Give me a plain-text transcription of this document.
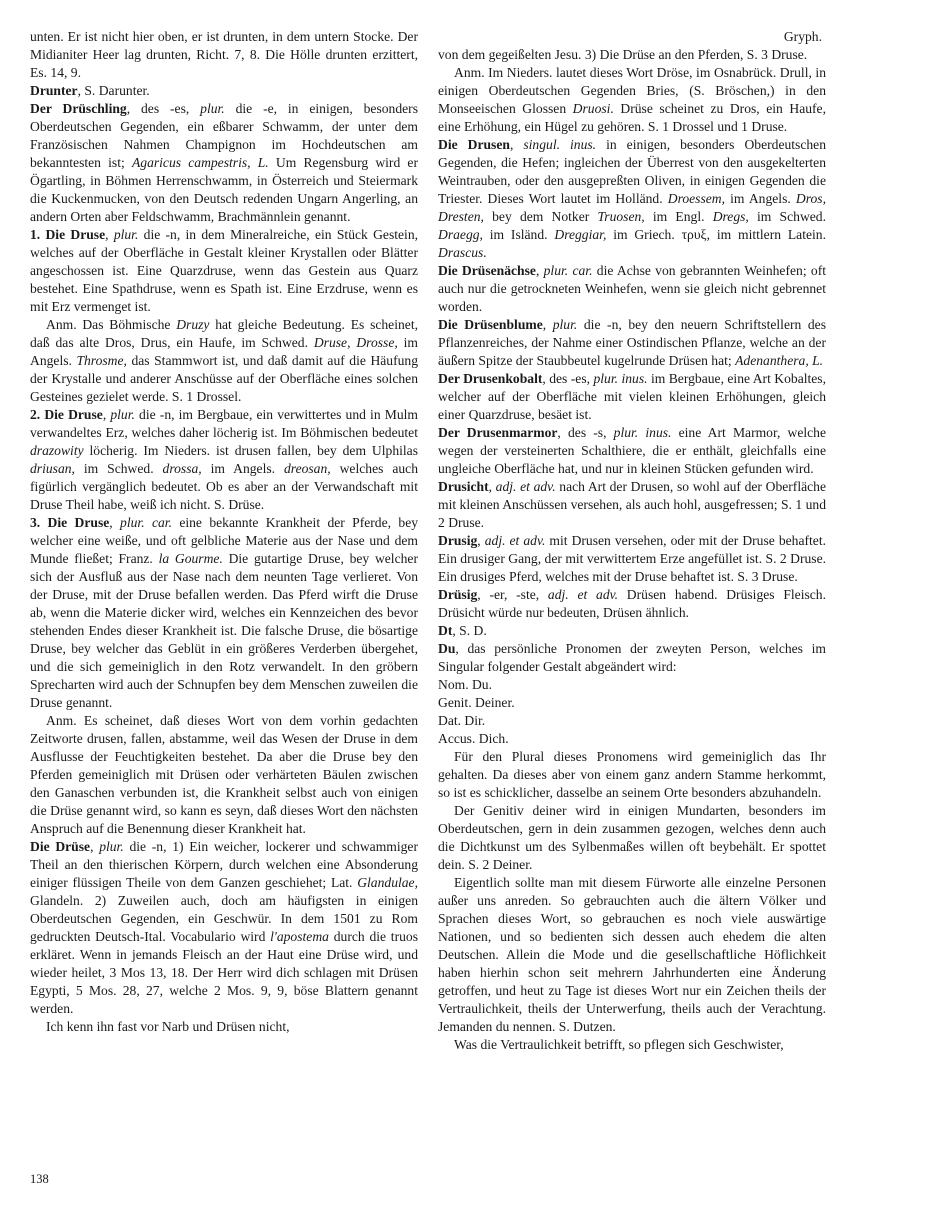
unten. Er ist nicht hier oben, er ist drunten, in dem untern Stocke. Der Midianiter Heer lag drunten, Richt. 7, 8. Die Hölle drunten erzittert, Es. 14, 9.

Drunter, S. Darunter.

Der Drüschling, des -es, plur. die -e, in einigen, besonders Oberdeutschen Gegenden, ein eßbarer Schwamm, der unter dem Französischen Nahmen Champignon im Hochdeutschen am bekanntesten ist; Agaricus campestris, L. Um Regensburg wird er Ögartling, in Böhmen Herrenschwamm, in Österreich und Steiermark die Kuckenmucken, von den Deutsch redenden Ungarn Angerling, an andern Orten aber Feldschwamm, Brachmännlein genannt.

1. Die Druse, plur. die -n, in dem Mineralreiche, ein Stück Gestein, welches auf der Oberfläche in Gestalt kleiner Krystallen oder Blätter angeschossen ist. Eine Quarzdruse, wenn das Gestein aus Quarz bestehet. Eine Spathdruse, wenn es Spath ist. Eine Erzdruse, wenn es mit Erz vermenget ist.

Anm. Das Böhmische Druzy hat gleiche Bedeutung. Es scheinet, daß das alte Dros, Drus, ein Haufe, im Schwed. Druse, Drosse, im Angels. Throsme, das Stammwort ist, und daß damit auf die Häufung der Krystalle und anderer Anschüsse auf der Oberfläche eines solchen Gesteines gezielet werde. S. 1 Drossel.

2. Die Druse, plur. die -n, im Bergbaue, ein verwittertes und in Mulm verwandeltes Erz, welches daher löcherig ist. Im Böhmischen bedeutet drazowity löcherig. Im Nieders. ist drusen fallen, bey dem Ulphilas driusan, im Schwed. drossa, im Angels. dreosan, welches auch figürlich vergänglich bedeutet. Ob es aber an der Verwandschaft mit Druse Theil habe, weiß ich nicht. S. Drüse.

3. Die Druse, plur. car. eine bekannte Krankheit der Pferde, bey welcher eine weiße, und oft gelbliche Materie aus der Nase und dem Munde fließet; Franz. la Gourme. Die gutartige Druse, bey welcher sich der Ausfluß aus der Nase nach dem neunten Tage verlieret. Von der Druse, mit der Druse befallen werden. Das Pferd wirft die Druse ab, wenn die Materie dicker wird, welches ein Kennzeichen des bevor stehenden Endes dieser Krankheit ist. Die falsche Druse, die bösartige Druse, bey welcher das Geblüt in ein größeres Verderben übergehet, und die sich gemeiniglich in den Rotz verwandelt. In den gröbern Sprecharten wird auch der Schnupfen bey dem Menschen zuweilen die Druse genannt.

Anm. Es scheinet, daß dieses Wort von dem vorhin gedachten Zeitworte drusen, fallen, abstamme, weil das Wesen der Druse in dem Ausflusse der Feuchtigkeiten bestehet. Da aber die Druse bey den Pferden gemeiniglich mit Drüsen oder verhärteten Bäulen zwischen den Ganaschen verbunden ist, die Krankheit selbst auch von einigen die Drüse genannt wird, so kann es seyn, daß dieses Wort den nächsten Anspruch auf die Benennung dieser Krankheit hat.

Die Drüse, plur. die -n, 1) Ein weicher, lockerer und schwammiger Theil an den thierischen Körpern, durch welchen eine Absonderung einiger flüssigen Theile von dem Ganzen geschiehet; Lat. Glandulae, Glandeln. 2) Zuweilen auch, doch am häufigsten in einigen Oberdeutschen Gegenden, ein Geschwür. In dem 1501 zu Rom gedruckten Deutsch-Ital. Vocabulario wird l'apostema durch die truos erkläret. Wenn in jemands Fleisch an der Haut eine Drüse wird, und wieder heilet, 3 Mos 13, 18. Der Herr wird dich schlagen mit Drüsen Egypti, 5 Mos. 28, 27, welche 2 Mos. 9, 9, böse Blattern genannt werden.

Ich kenn ihn fast vor Narb und Drüsen nicht,

Gryph.

von dem gegeißelten Jesu. 3) Die Drüse an den Pferden, S. 3 Druse.

Anm. Im Nieders. lautet dieses Wort Dröse, im Osnabrück. Drull, in einigen Oberdeutschen Gegenden Bries, (S. Bröschen,) in den Monseeischen Glossen Druosi. Drüse scheinet zu Dros, ein Haufe, eine Erhöhung, ein Hügel zu gehören. S. 1 Drossel und 1 Druse.

Die Drusen, singul. inus. in einigen, besonders Oberdeutschen Gegenden, die Hefen; ingleichen der Überrest von den ausgekelterten Weintrauben, oder den ausgepreßten Oliven, in einigen Gegenden die Triester. Dieses Wort lautet im Holländ. Droessem, im Angels. Dros, Dresten, bey dem Notker Truosen, im Engl. Dregs, im Schwed. Draegg, im Isländ. Dreggiar, im Griech. τρυξ, im mittlern Latein. Drascus.

Die Drüsenächse, plur. car. die Achse von gebrannten Weinhefen; oft auch nur die getrockneten Weinhefen, wenn sie gleich nicht gebrennet worden.

Die Drüsenblume, plur. die -n, bey den neuern Schriftstellern des Pflanzenreiches, der Nahme einer Ostindischen Pflanze, welche an der äußern Spitze der Staubbeutel kugelrunde Drüsen hat; Adenanthera, L.

Der Drusenkobalt, des -es, plur. inus. im Bergbaue, eine Art Kobaltes, welcher auf der Oberfläche mit vielen kleinen Erhöhungen, gleich einer Quarzdruse, besäet ist.

Der Drusenmarmor, des -s, plur. inus. eine Art Marmor, welche wegen der versteinerten Schalthiere, die er enthält, gleichfalls eine ungleiche Oberfläche hat, und nur in kleinen Stücken gefunden wird.

Drusicht, adj. et adv. nach Art der Drusen, so wohl auf der Oberfläche mit kleinen Anschüssen versehen, als auch hohl, ausgefressen; S. 1 und 2 Druse.

Drusig, adj. et adv. mit Drusen versehen, oder mit der Druse behaftet. Ein drusiger Gang, der mit verwittertem Erze angefüllet ist. S. 2 Druse. Ein drusiges Pferd, welches mit der Druse behaftet ist. S. 3 Druse.

Drüsig, -er, -ste, adj. et adv. Drüsen habend. Drüsiges Fleisch. Drüsicht würde nur bedeuten, Drüsen ähnlich.

Dt, S. D.

Du, das persönliche Pronomen der zweyten Person, welches im Singular folgender Gestalt abgeändert wird:

Nom. Du.
Genit. Deiner.
Dat. Dir.
Accus. Dich.

Für den Plural dieses Pronomens wird gemeiniglich das Ihr gehalten. Da dieses aber von einem ganz andern Stamme herkommt, so ist es schicklicher, dasselbe an seinem Orte besonders abzuhandeln.

Der Genitiv deiner wird in einigen Mundarten, besonders im Oberdeutschen, gern in dein zusammen gezogen, welches denn auch die Dichtkunst um des Sylbenmaßes willen oft beybehält. Er spottet dein. S. 2 Deiner.

Eigentlich sollte man mit diesem Fürworte alle einzelne Personen außer uns anreden. So gebrauchten auch die ältern Völker und Sprachen dieses Wort, so gebrauchen es noch viele auswärtige Nationen, und so bedienten sich dessen auch ehedem die alten Deutschen. Allein die Mode und die gesellschaftliche Höflichkeit haben hierhin schon seit mehrern Jahrhunderten eine Änderung getroffen, und heut zu Tage ist dieses Wort nur ein Zeichen theils der Vertraulichkeit, theils der Unterwerfung, theils auch der Verachtung. Jemanden du nennen. S. Dutzen.

Was die Vertraulichkeit betrifft, so pflegen sich Geschwister,

138
